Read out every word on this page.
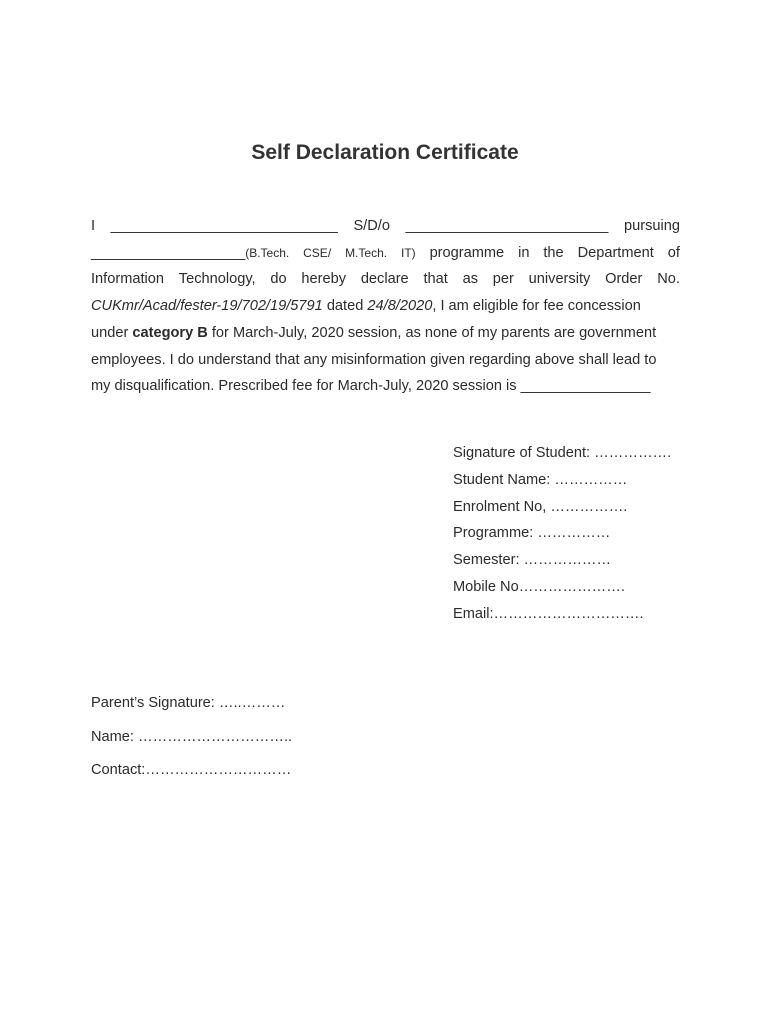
Self Declaration Certificate
I ____________________________ S/D/o _________________________ pursuing
___________________(B.Tech. CSE/ M.Tech. IT) programme in the Department of
Information Technology, do hereby declare that as per university Order No.
CUKmr/Acad/fester-19/702/19/5791
dated
24/8/2020 , I am eligible for fee concession
under category B for March-July, 2020 session, as none of my parents are government
employees. I do understand that any misinformation given regarding above shall lead to
my disqualification. Prescribed fee for March-July, 2020 session is ________________
Signature of Student: …………….
Student Name: ……………
Enrolment No, …………….
Programme: ……………
Semester: ………………
Mobile No………………….
Email:………………………….
Parent’s Signature: …..………
Name: …………………………..
Contact:…………………………
